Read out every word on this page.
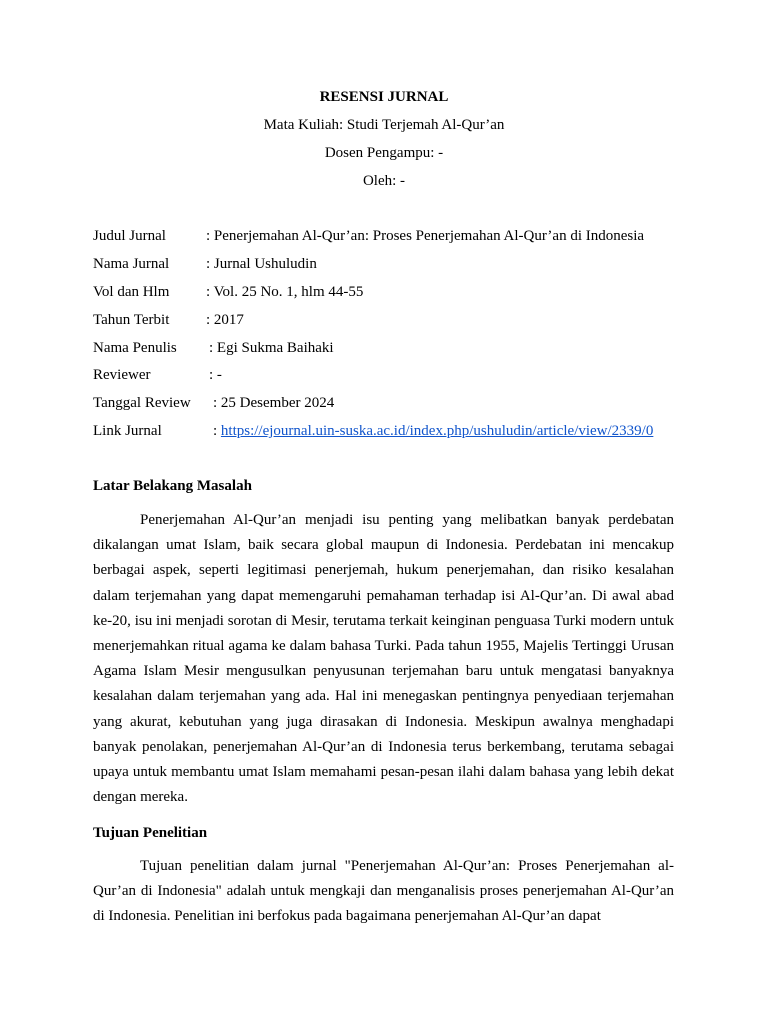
RESENSI JURNAL
Mata Kuliah: Studi Terjemah Al-Qur’an
Dosen Pengampu: -
Oleh: -
Judul Jurnal	: Penerjemahan Al-Qur’an: Proses Penerjemahan Al-Qur’an di Indonesia
Nama Jurnal : Jurnal Ushuludin
Vol dan Hlm : Vol. 25 No. 1, hlm 44-55
Tahun Terbit : 2017
Nama Penulis : Egi Sukma Baihaki
Reviewer	: -
Tanggal Review : 25 Desember 2024
Link Jurnal	: https://ejournal.uin-suska.ac.id/index.php/ushuludin/article/view/2339/0
Latar Belakang Masalah
Penerjemahan Al-Qur’an menjadi isu penting yang melibatkan banyak perdebatan dikalangan umat Islam, baik secara global maupun di Indonesia. Perdebatan ini mencakup berbagai aspek, seperti legitimasi penerjemah, hukum penerjemahan, dan risiko kesalahan dalam terjemahan yang dapat memengaruhi pemahaman terhadap isi Al-Qur’an. Di awal abad ke-20, isu ini menjadi sorotan di Mesir, terutama terkait keinginan penguasa Turki modern untuk menerjemahkan ritual agama ke dalam bahasa Turki. Pada tahun 1955, Majelis Tertinggi Urusan Agama Islam Mesir mengusulkan penyusunan terjemahan baru untuk mengatasi banyaknya kesalahan dalam terjemahan yang ada. Hal ini menegaskan pentingnya penyediaan terjemahan yang akurat, kebutuhan yang juga dirasakan di Indonesia. Meskipun awalnya menghadapi banyak penolakan, penerjemahan Al-Qur’an di Indonesia terus berkembang, terutama sebagai upaya untuk membantu umat Islam memahami pesan-pesan ilahi dalam bahasa yang lebih dekat dengan mereka.
Tujuan Penelitian
Tujuan penelitian dalam jurnal "Penerjemahan Al-Qur’an: Proses Penerjemahan al-Qur’an di Indonesia" adalah untuk mengkaji dan menganalisis proses penerjemahan Al-Qur’an di Indonesia. Penelitian ini berfokus pada bagaimana penerjemahan Al-Qur’an dapat
